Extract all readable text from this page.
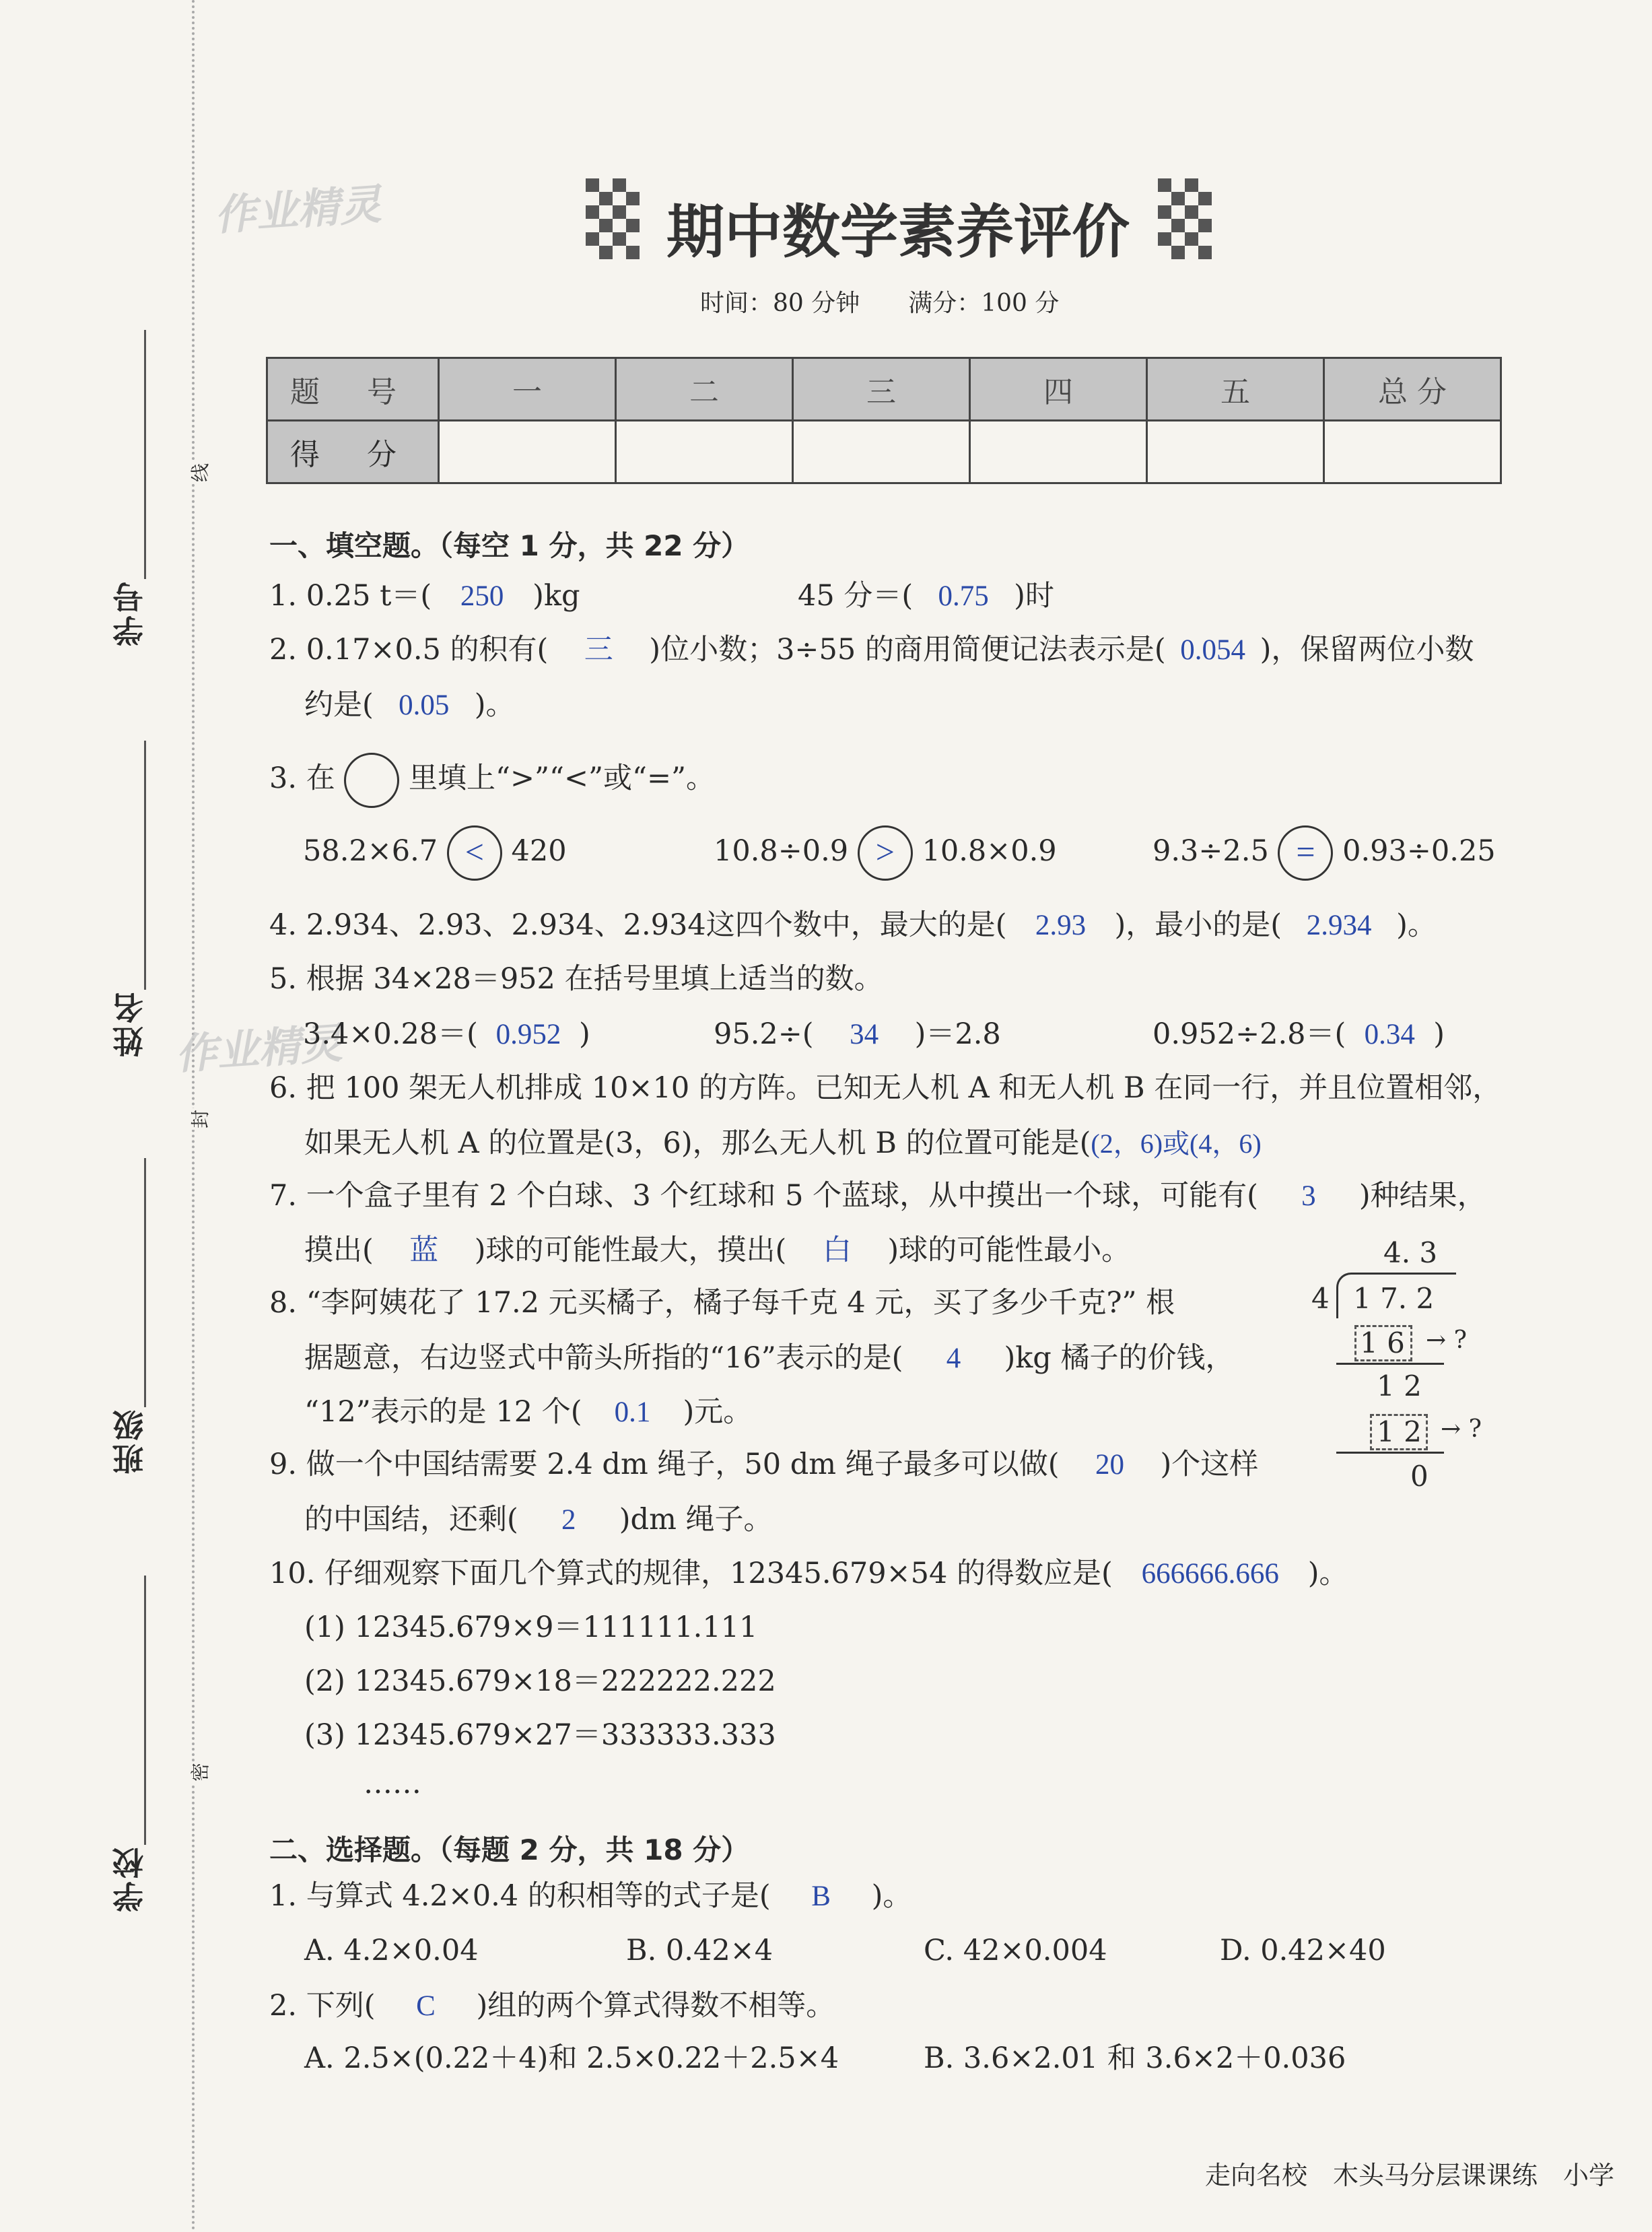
学号
姓名
班级
学校
线
封
密
作业精灵
作业精灵
期中数学素养评价
时间：80 分钟　　满分：100 分
题 号	一	二	三	四	五	总 分
得 分						
一、填空题。（每空 1 分，共 22 分）
1. 0.25 t＝( 250 )kg	45 分＝( 0.75 )时
2. 0.17×0.5 的积有( 三 )位小数；3÷55 的商用简便记法表示是( 0.054 )，保留两位小数
约是( 0.05 )。
3. 在	里填上“>”“<”或“=”。
58.2×6.7 < 420	10.8÷0.9 > 10.8×0.9	9.3÷2.5 = 0.93÷0.25
4. 2.934、2.93、2.934、2.934这四个数中，最大的是( 2.93 )，最小的是( 2.934 )。
5. 根据 34×28＝952 在括号里填上适当的数。
3.4×0.28＝( 0.952 )	95.2÷( 34 )＝2.8	0.952÷2.8＝( 0.34 )
6. 把 100 架无人机排成 10×10 的方阵。已知无人机 A 和无人机 B 在同一行，并且位置相邻，
如果无人机 A 的位置是(3，6)，那么无人机 B 的位置可能是((2，6)或(4，6)
7. 一个盒子里有 2 个白球、3 个红球和 5 个蓝球，从中摸出一个球，可能有( 3 )种结果，
摸出( 蓝 )球的可能性最大，摸出( 白 )球的可能性最小。
8. “李阿姨花了 17.2 元买橘子，橘子每千克 4 元，买了多少千克?” 根
据题意，右边竖式中箭头所指的“16”表示的是( 4 )kg 橘子的价钱，
“12”表示的是 12 个( 0.1 )元。
4. 3
4 1 7. 2
1 6 → ?
1 2
1 2 → ?
0
9. 做一个中国结需要 2.4 dm 绳子，50 dm 绳子最多可以做( 20 )个这样
的中国结，还剩( 2 )dm 绳子。
10. 仔细观察下面几个算式的规律，12345.679×54 的得数应是( 666666.666 )。
(1) 12345.679×9＝111111.111
(2) 12345.679×18＝222222.222
(3) 12345.679×27＝333333.333
……
二、选择题。（每题 2 分，共 18 分）
1. 与算式 4.2×0.4 的积相等的式子是( B )。
A. 4.2×0.04	B. 0.42×4	C. 42×0.004	D. 0.42×40
2. 下列( C )组的两个算式得数不相等。
A. 2.5×(0.22＋4)和 2.5×0.22＋2.5×4	B. 3.6×2.01 和 3.6×2＋0.036
走向名校　木头马分层课课练　小学
